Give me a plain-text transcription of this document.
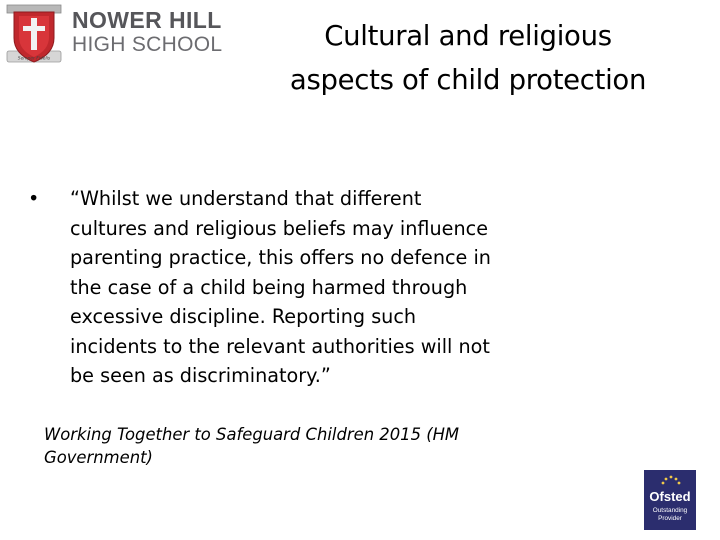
Semper Fidelis
NOWER HILL
HIGH SCHOOL	Cultural and religious
aspects of child protection
• “Whilst we understand that different
cultures and religious beliefs may influence
parenting practice, this offers no defence in
the case of a child being harmed through
excessive discipline. Reporting such
incidents to the relevant authorities will not
be seen as discriminatory.”
Working Together to Safeguard Children 2015 (HM
Government)
Ofsted
Outstanding
Provider
